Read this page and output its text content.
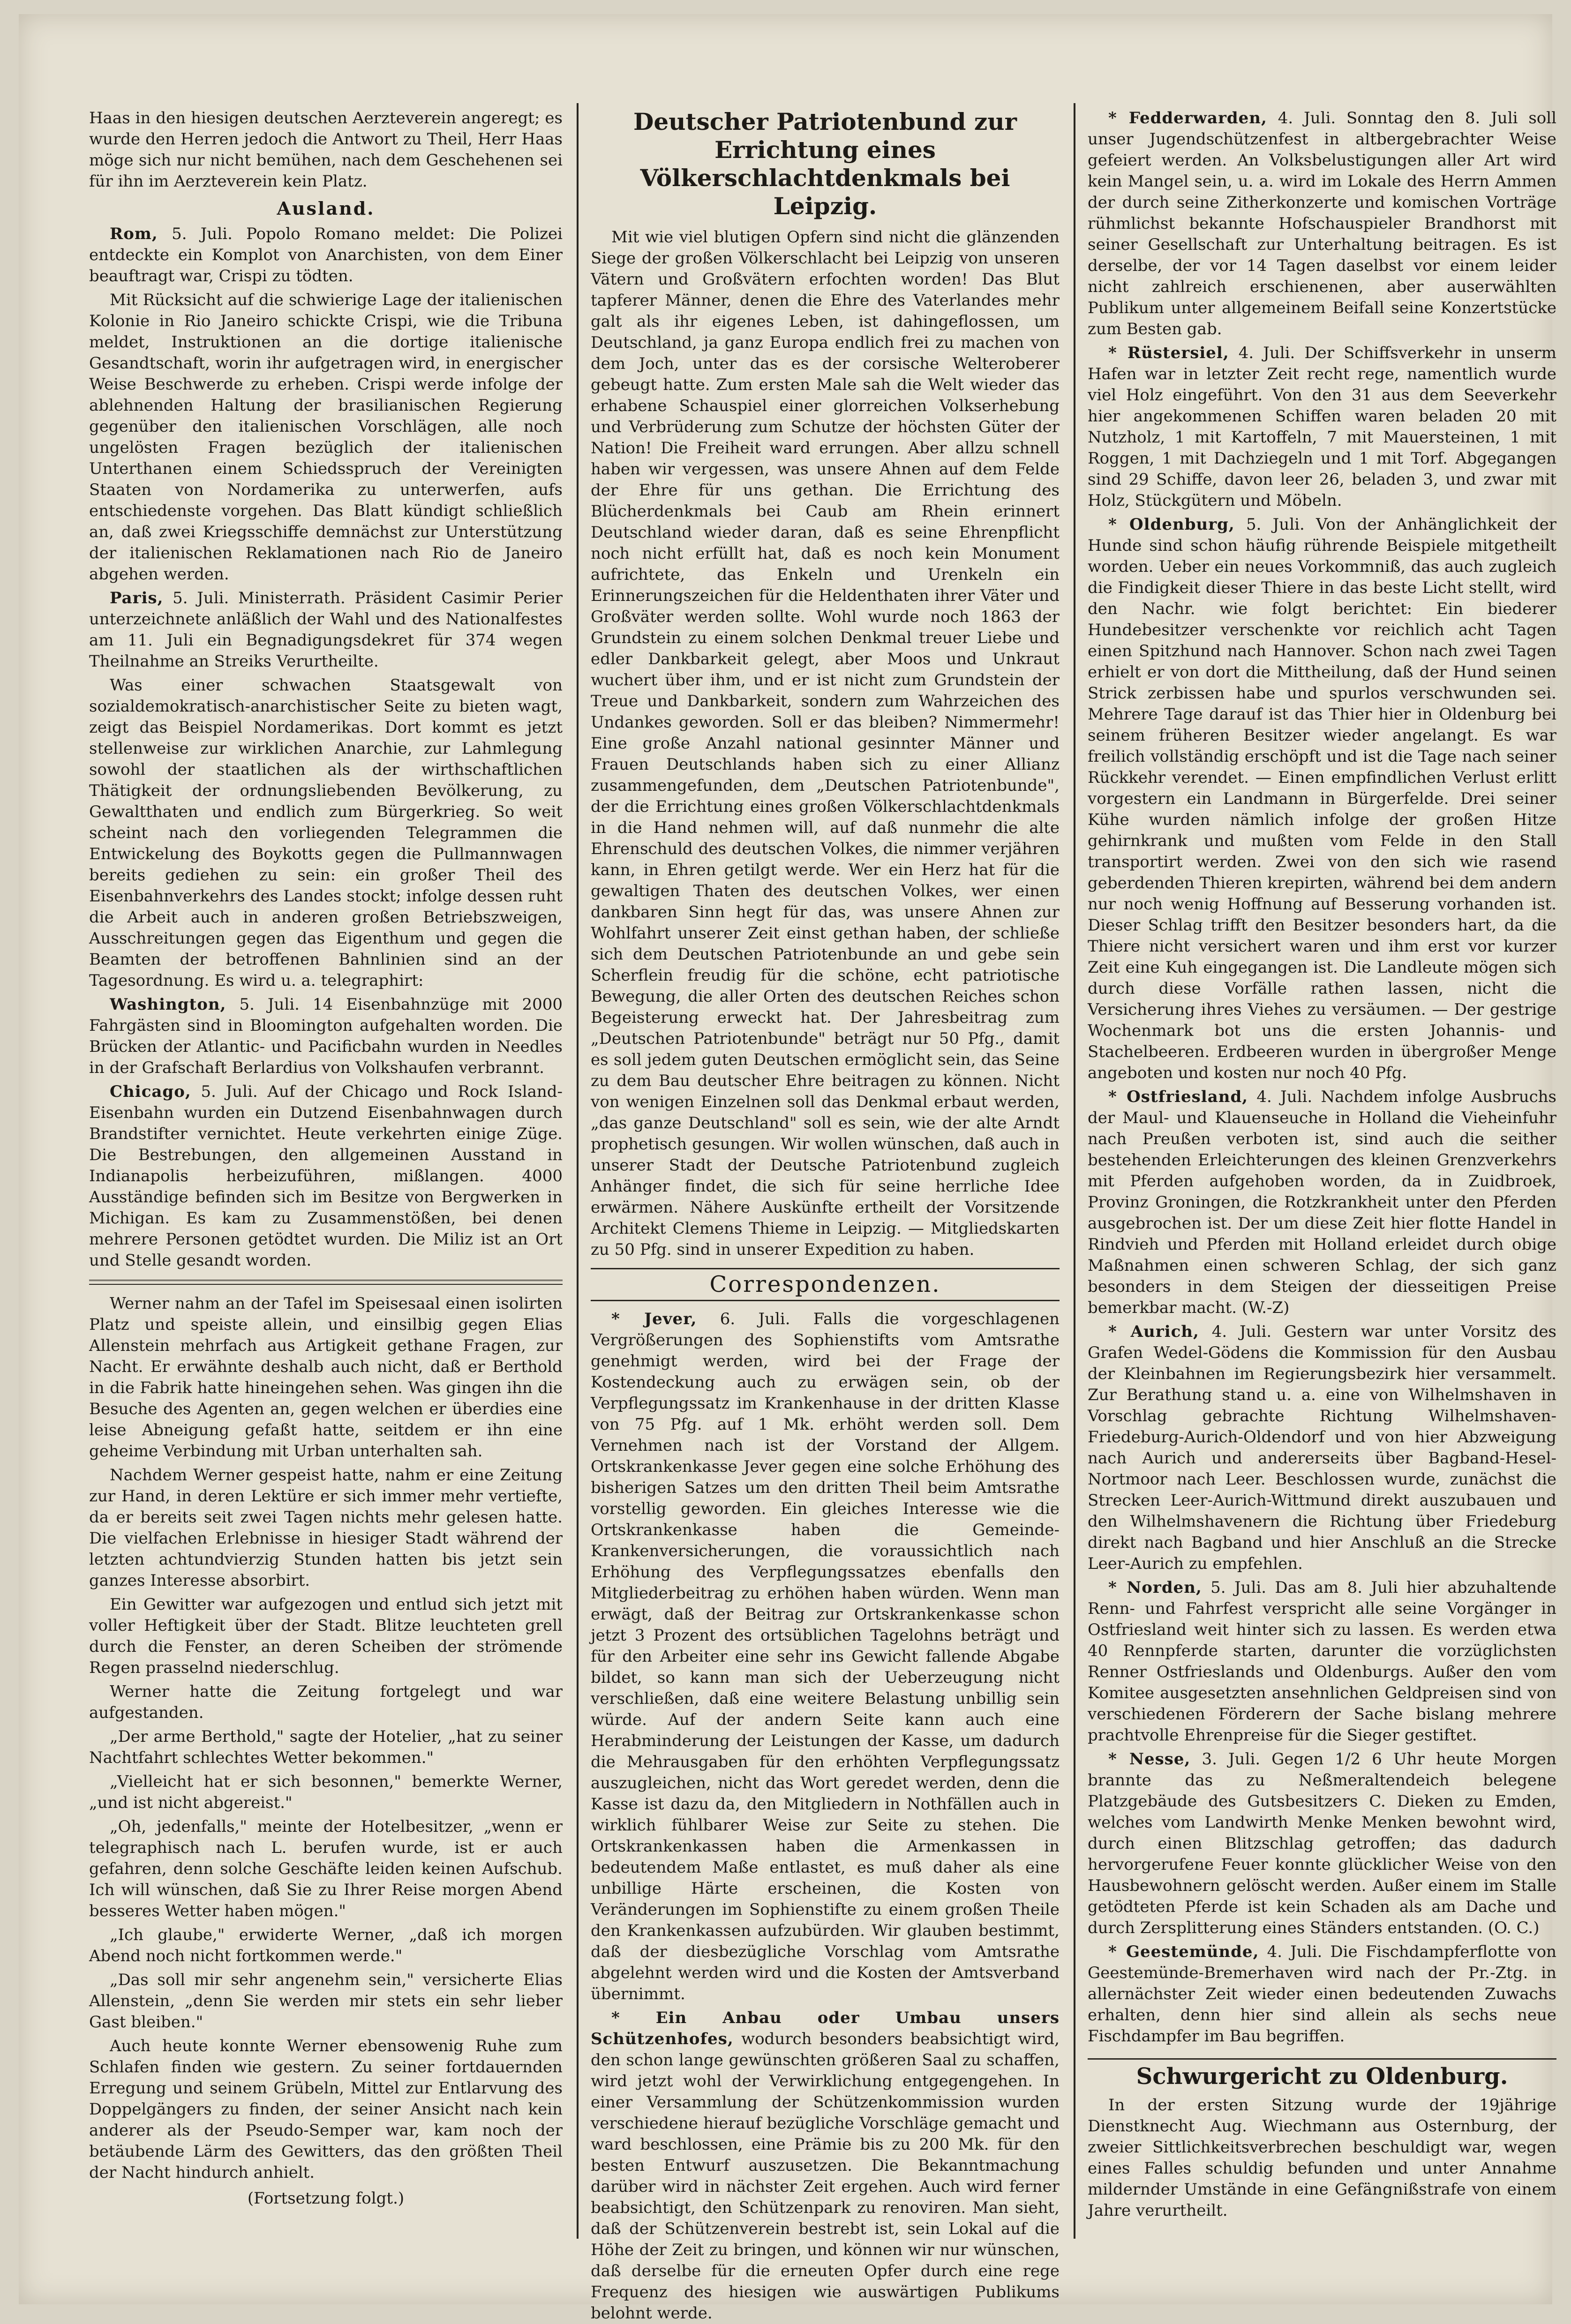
Haas in den hiesigen deutschen Aerzteverein angeregt; es wurde den Herren jedoch die Antwort zu Theil, Herr Haas möge sich nur nicht bemühen, nach dem Geschehenen sei für ihn im Aerzteverein kein Platz.

Ausland.

Rom, 5. Juli. Popolo Romano meldet: Die Polizei entdeckte ein Komplot von Anarchisten, von dem Einer beauftragt war, Crispi zu tödten.

Mit Rücksicht auf die schwierige Lage der italienischen Kolonie in Rio Janeiro schickte Crispi, wie die Tribuna meldet, Instruktionen an die dortige italienische Gesandtschaft, worin ihr aufgetragen wird, in energischer Weise Beschwerde zu erheben. Crispi werde infolge der ablehnenden Haltung der brasilianischen Regierung gegenüber den italienischen Vorschlägen, alle noch ungelösten Fragen bezüglich der italienischen Unterthanen einem Schiedsspruch der Vereinigten Staaten von Nordamerika zu unterwerfen, aufs entschiedenste vorgehen. Das Blatt kündigt schließlich an, daß zwei Kriegsschiffe demnächst zur Unterstützung der italienischen Reklamationen nach Rio de Janeiro abgehen werden.

Paris, 5. Juli. Ministerrath. Präsident Casimir Perier unterzeichnete anläßlich der Wahl und des Nationalfestes am 11. Juli ein Begnadigungsdekret für 374 wegen Theilnahme an Streiks Verurtheilte.

Was einer schwachen Staatsgewalt von sozialdemokratisch-anarchistischer Seite zu bieten wagt, zeigt das Beispiel Nordamerikas. Dort kommt es jetzt stellenweise zur wirklichen Anarchie, zur Lahmlegung sowohl der staatlichen als der wirthschaftlichen Thätigkeit der ordnungsliebenden Bevölkerung, zu Gewaltthaten und endlich zum Bürgerkrieg. So weit scheint nach den vorliegenden Telegrammen die Entwickelung des Boykotts gegen die Pullmannwagen bereits gediehen zu sein: ein großer Theil des Eisenbahnverkehrs des Landes stockt; infolge dessen ruht die Arbeit auch in anderen großen Betriebszweigen, Ausschreitungen gegen das Eigenthum und gegen die Beamten der betroffenen Bahnlinien sind an der Tagesordnung. Es wird u. a. telegraphirt:

Washington, 5. Juli. 14 Eisenbahnzüge mit 2000 Fahrgästen sind in Bloomington aufgehalten worden. Die Brücken der Atlantic- und Pacificbahn wurden in Needles in der Grafschaft Berlardius von Volkshaufen verbrannt.

Chicago, 5. Juli. Auf der Chicago und Rock Island-Eisenbahn wurden ein Dutzend Eisenbahnwagen durch Brandstifter vernichtet. Heute verkehrten einige Züge. Die Bestrebungen, den allgemeinen Ausstand in Indianapolis herbeizuführen, mißlangen. 4000 Ausständige befinden sich im Besitze von Bergwerken in Michigan. Es kam zu Zusammenstößen, bei denen mehrere Personen getödtet wurden. Die Miliz ist an Ort und Stelle gesandt worden.

Werner nahm an der Tafel im Speisesaal einen isolirten Platz und speiste allein, und einsilbig gegen Elias Allenstein mehrfach aus Artigkeit gethane Fragen, zur Nacht. Er erwähnte deshalb auch nicht, daß er Berthold in die Fabrik hatte hineingehen sehen. Was gingen ihn die Besuche des Agenten an, gegen welchen er überdies eine leise Abneigung gefaßt hatte, seitdem er ihn eine geheime Verbindung mit Urban unterhalten sah.

Nachdem Werner gespeist hatte, nahm er eine Zeitung zur Hand, in deren Lektüre er sich immer mehr vertiefte, da er bereits seit zwei Tagen nichts mehr gelesen hatte. Die vielfachen Erlebnisse in hiesiger Stadt während der letzten achtundvierzig Stunden hatten bis jetzt sein ganzes Interesse absorbirt.

Ein Gewitter war aufgezogen und entlud sich jetzt mit voller Heftigkeit über der Stadt. Blitze leuchteten grell durch die Fenster, an deren Scheiben der strömende Regen prasselnd niederschlug.

Werner hatte die Zeitung fortgelegt und war aufgestanden.

„Der arme Berthold," sagte der Hotelier, „hat zu seiner Nachtfahrt schlechtes Wetter bekommen."

„Vielleicht hat er sich besonnen," bemerkte Werner, „und ist nicht abgereist."

„Oh, jedenfalls," meinte der Hotelbesitzer, „wenn er telegraphisch nach L. berufen wurde, ist er auch gefahren, denn solche Geschäfte leiden keinen Aufschub. Ich will wünschen, daß Sie zu Ihrer Reise morgen Abend besseres Wetter haben mögen."

„Ich glaube," erwiderte Werner, „daß ich morgen Abend noch nicht fortkommen werde."

„Das soll mir sehr angenehm sein," versicherte Elias Allenstein, „denn Sie werden mir stets ein sehr lieber Gast bleiben."

Auch heute konnte Werner ebensowenig Ruhe zum Schlafen finden wie gestern. Zu seiner fortdauernden Erregung und seinem Grübeln, Mittel zur Entlarvung des Doppelgängers zu finden, der seiner Ansicht nach kein anderer als der Pseudo-Semper war, kam noch der betäubende Lärm des Gewitters, das den größten Theil der Nacht hindurch anhielt.

(Fortsetzung folgt.)

Deutscher Patriotenbund zur Errichtung eines
Völkerschlachtdenkmals bei Leipzig.

Mit wie viel blutigen Opfern sind nicht die glänzenden Siege der großen Völkerschlacht bei Leipzig von unseren Vätern und Großvätern erfochten worden! Das Blut tapferer Männer, denen die Ehre des Vaterlandes mehr galt als ihr eigenes Leben, ist dahingeflossen, um Deutschland, ja ganz Europa endlich frei zu machen von dem Joch, unter das es der corsische Welteroberer gebeugt hatte. Zum ersten Male sah die Welt wieder das erhabene Schauspiel einer glorreichen Volkserhebung und Verbrüderung zum Schutze der höchsten Güter der Nation! Die Freiheit ward errungen. Aber allzu schnell haben wir vergessen, was unsere Ahnen auf dem Felde der Ehre für uns gethan. Die Errichtung des Blücherdenkmals bei Caub am Rhein erinnert Deutschland wieder daran, daß es seine Ehrenpflicht noch nicht erfüllt hat, daß es noch kein Monument aufrichtete, das Enkeln und Urenkeln ein Erinnerungszeichen für die Heldenthaten ihrer Väter und Großväter werden sollte. Wohl wurde noch 1863 der Grundstein zu einem solchen Denkmal treuer Liebe und edler Dankbarkeit gelegt, aber Moos und Unkraut wuchert über ihm, und er ist nicht zum Grundstein der Treue und Dankbarkeit, sondern zum Wahrzeichen des Undankes geworden. Soll er das bleiben? Nimmermehr! Eine große Anzahl national gesinnter Männer und Frauen Deutschlands haben sich zu einer Allianz zusammengefunden, dem „Deutschen Patriotenbunde", der die Errichtung eines großen Völkerschlachtdenkmals in die Hand nehmen will, auf daß nunmehr die alte Ehrenschuld des deutschen Volkes, die nimmer verjähren kann, in Ehren getilgt werde. Wer ein Herz hat für die gewaltigen Thaten des deutschen Volkes, wer einen dankbaren Sinn hegt für das, was unsere Ahnen zur Wohlfahrt unserer Zeit einst gethan haben, der schließe sich dem Deutschen Patriotenbunde an und gebe sein Scherflein freudig für die schöne, echt patriotische Bewegung, die aller Orten des deutschen Reiches schon Begeisterung erweckt hat. Der Jahresbeitrag zum „Deutschen Patriotenbunde" beträgt nur 50 Pfg., damit es soll jedem guten Deutschen ermöglicht sein, das Seine zu dem Bau deutscher Ehre beitragen zu können. Nicht von wenigen Einzelnen soll das Denkmal erbaut werden, „das ganze Deutschland" soll es sein, wie der alte Arndt prophetisch gesungen. Wir wollen wünschen, daß auch in unserer Stadt der Deutsche Patriotenbund zugleich Anhänger findet, die sich für seine herrliche Idee erwärmen. Nähere Auskünfte ertheilt der Vorsitzende Architekt Clemens Thieme in Leipzig. — Mitgliedskarten zu 50 Pfg. sind in unserer Expedition zu haben.

Correspondenzen.

* Jever, 6. Juli. Falls die vorgeschlagenen Vergrößerungen des Sophienstifts vom Amtsrathe genehmigt werden, wird bei der Frage der Kostendeckung auch zu erwägen sein, ob der Verpflegungssatz im Krankenhause in der dritten Klasse von 75 Pfg. auf 1 Mk. erhöht werden soll. Dem Vernehmen nach ist der Vorstand der Allgem. Ortskrankenkasse Jever gegen eine solche Erhöhung des bisherigen Satzes um den dritten Theil beim Amtsrathe vorstellig geworden. Ein gleiches Interesse wie die Ortskrankenkasse haben die Gemeinde-Krankenversicherungen, die voraussichtlich nach Erhöhung des Verpflegungssatzes ebenfalls den Mitgliederbeitrag zu erhöhen haben würden. Wenn man erwägt, daß der Beitrag zur Ortskrankenkasse schon jetzt 3 Prozent des ortsüblichen Tagelohns beträgt und für den Arbeiter eine sehr ins Gewicht fallende Abgabe bildet, so kann man sich der Ueberzeugung nicht verschließen, daß eine weitere Belastung unbillig sein würde. Auf der andern Seite kann auch eine Herabminderung der Leistungen der Kasse, um dadurch die Mehrausgaben für den erhöhten Verpflegungssatz auszugleichen, nicht das Wort geredet werden, denn die Kasse ist dazu da, den Mitgliedern in Nothfällen auch in wirklich fühlbarer Weise zur Seite zu stehen. Die Ortskrankenkassen haben die Armenkassen in bedeutendem Maße entlastet, es muß daher als eine unbillige Härte erscheinen, die Kosten von Veränderungen im Sophienstifte zu einem großen Theile den Krankenkassen aufzubürden. Wir glauben bestimmt, daß der diesbezügliche Vorschlag vom Amtsrathe abgelehnt werden wird und die Kosten der Amtsverband übernimmt.

* Ein Anbau oder Umbau unsers Schützenhofes, wodurch besonders beabsichtigt wird, den schon lange gewünschten größeren Saal zu schaffen, wird jetzt wohl der Verwirklichung entgegengehen. In einer Versammlung der Schützenkommission wurden verschiedene hierauf bezügliche Vorschläge gemacht und ward beschlossen, eine Prämie bis zu 200 Mk. für den besten Entwurf auszusetzen. Die Bekanntmachung darüber wird in nächster Zeit ergehen. Auch wird ferner beabsichtigt, den Schützenpark zu renoviren. Man sieht, daß der Schützenverein bestrebt ist, sein Lokal auf die Höhe der Zeit zu bringen, und können wir nur wünschen, daß derselbe für die erneuten Opfer durch eine rege Frequenz des hiesigen wie auswärtigen Publikums belohnt werde.

* Fedderwarden, 4. Juli. Sonntag den 8. Juli soll unser Jugendschützenfest in altbergebrachter Weise gefeiert werden. An Volksbelustigungen aller Art wird kein Mangel sein, u. a. wird im Lokale des Herrn Ammen der durch seine Zitherkonzerte und komischen Vorträge rühmlichst bekannte Hofschauspieler Brandhorst mit seiner Gesellschaft zur Unterhaltung beitragen. Es ist derselbe, der vor 14 Tagen daselbst vor einem leider nicht zahlreich erschienenen, aber auserwählten Publikum unter allgemeinem Beifall seine Konzertstücke zum Besten gab.

* Rüstersiel, 4. Juli. Der Schiffsverkehr in unserm Hafen war in letzter Zeit recht rege, namentlich wurde viel Holz eingeführt. Von den 31 aus dem Seeverkehr hier angekommenen Schiffen waren beladen 20 mit Nutzholz, 1 mit Kartoffeln, 7 mit Mauersteinen, 1 mit Roggen, 1 mit Dachziegeln und 1 mit Torf. Abgegangen sind 29 Schiffe, davon leer 26, beladen 3, und zwar mit Holz, Stückgütern und Möbeln.

* Oldenburg, 5. Juli. Von der Anhänglichkeit der Hunde sind schon häufig rührende Beispiele mitgetheilt worden. Ueber ein neues Vorkommniß, das auch zugleich die Findigkeit dieser Thiere in das beste Licht stellt, wird den Nachr. wie folgt berichtet: Ein biederer Hundebesitzer verschenkte vor reichlich acht Tagen einen Spitzhund nach Hannover. Schon nach zwei Tagen erhielt er von dort die Mittheilung, daß der Hund seinen Strick zerbissen habe und spurlos verschwunden sei. Mehrere Tage darauf ist das Thier hier in Oldenburg bei seinem früheren Besitzer wieder angelangt. Es war freilich vollständig erschöpft und ist die Tage nach seiner Rückkehr verendet. — Einen empfindlichen Verlust erlitt vorgestern ein Landmann in Bürgerfelde. Drei seiner Kühe wurden nämlich infolge der großen Hitze gehirnkrank und mußten vom Felde in den Stall transportirt werden. Zwei von den sich wie rasend geberdenden Thieren krepirten, während bei dem andern nur noch wenig Hoffnung auf Besserung vorhanden ist. Dieser Schlag trifft den Besitzer besonders hart, da die Thiere nicht versichert waren und ihm erst vor kurzer Zeit eine Kuh eingegangen ist. Die Landleute mögen sich durch diese Vorfälle rathen lassen, nicht die Versicherung ihres Viehes zu versäumen. — Der gestrige Wochenmark bot uns die ersten Johannis- und Stachelbeeren. Erdbeeren wurden in übergroßer Menge angeboten und kosten nur noch 40 Pfg.

* Ostfriesland, 4. Juli. Nachdem infolge Ausbruchs der Maul- und Klauenseuche in Holland die Vieheinfuhr nach Preußen verboten ist, sind auch die seither bestehenden Erleichterungen des kleinen Grenzverkehrs mit Pferden aufgehoben worden, da in Zuidbroek, Provinz Groningen, die Rotzkrankheit unter den Pferden ausgebrochen ist. Der um diese Zeit hier flotte Handel in Rindvieh und Pferden mit Holland erleidet durch obige Maßnahmen einen schweren Schlag, der sich ganz besonders in dem Steigen der diesseitigen Preise bemerkbar macht. (W.-Z)

* Aurich, 4. Juli. Gestern war unter Vorsitz des Grafen Wedel-Gödens die Kommission für den Ausbau der Kleinbahnen im Regierungsbezirk hier versammelt. Zur Berathung stand u. a. eine von Wilhelmshaven in Vorschlag gebrachte Richtung Wilhelmshaven-Friedeburg-Aurich-Oldendorf und von hier Abzweigung nach Aurich und andererseits über Bagband-Hesel-Nortmoor nach Leer. Beschlossen wurde, zunächst die Strecken Leer-Aurich-Wittmund direkt auszubauen und den Wilhelmshavenern die Richtung über Friedeburg direkt nach Bagband und hier Anschluß an die Strecke Leer-Aurich zu empfehlen.

* Norden, 5. Juli. Das am 8. Juli hier abzuhaltende Renn- und Fahrfest verspricht alle seine Vorgänger in Ostfriesland weit hinter sich zu lassen. Es werden etwa 40 Rennpferde starten, darunter die vorzüglichsten Renner Ostfrieslands und Oldenburgs. Außer den vom Komitee ausgesetzten ansehnlichen Geldpreisen sind von verschiedenen Förderern der Sache bislang mehrere prachtvolle Ehrenpreise für die Sieger gestiftet.

* Nesse, 3. Juli. Gegen 1/2 6 Uhr heute Morgen brannte das zu Neßmeraltendeich belegene Platzgebäude des Gutsbesitzers C. Dieken zu Emden, welches vom Landwirth Menke Menken bewohnt wird, durch einen Blitzschlag getroffen; das dadurch hervorgerufene Feuer konnte glücklicher Weise von den Hausbewohnern gelöscht werden. Außer einem im Stalle getödteten Pferde ist kein Schaden als am Dache und durch Zersplitterung eines Ständers entstanden. (O. C.)

* Geestemünde, 4. Juli. Die Fischdampferflotte von Geestemünde-Bremerhaven wird nach der Pr.-Ztg. in allernächster Zeit wieder einen bedeutenden Zuwachs erhalten, denn hier sind allein als sechs neue Fischdampfer im Bau begriffen.

Schwurgericht zu Oldenburg.

In der ersten Sitzung wurde der 19jährige Dienstknecht Aug. Wiechmann aus Osternburg, der zweier Sittlichkeitsverbrechen beschuldigt war, wegen eines Falles schuldig befunden und unter Annahme mildernder Umstände in eine Gefängnißstrafe von einem Jahre verurtheilt.
